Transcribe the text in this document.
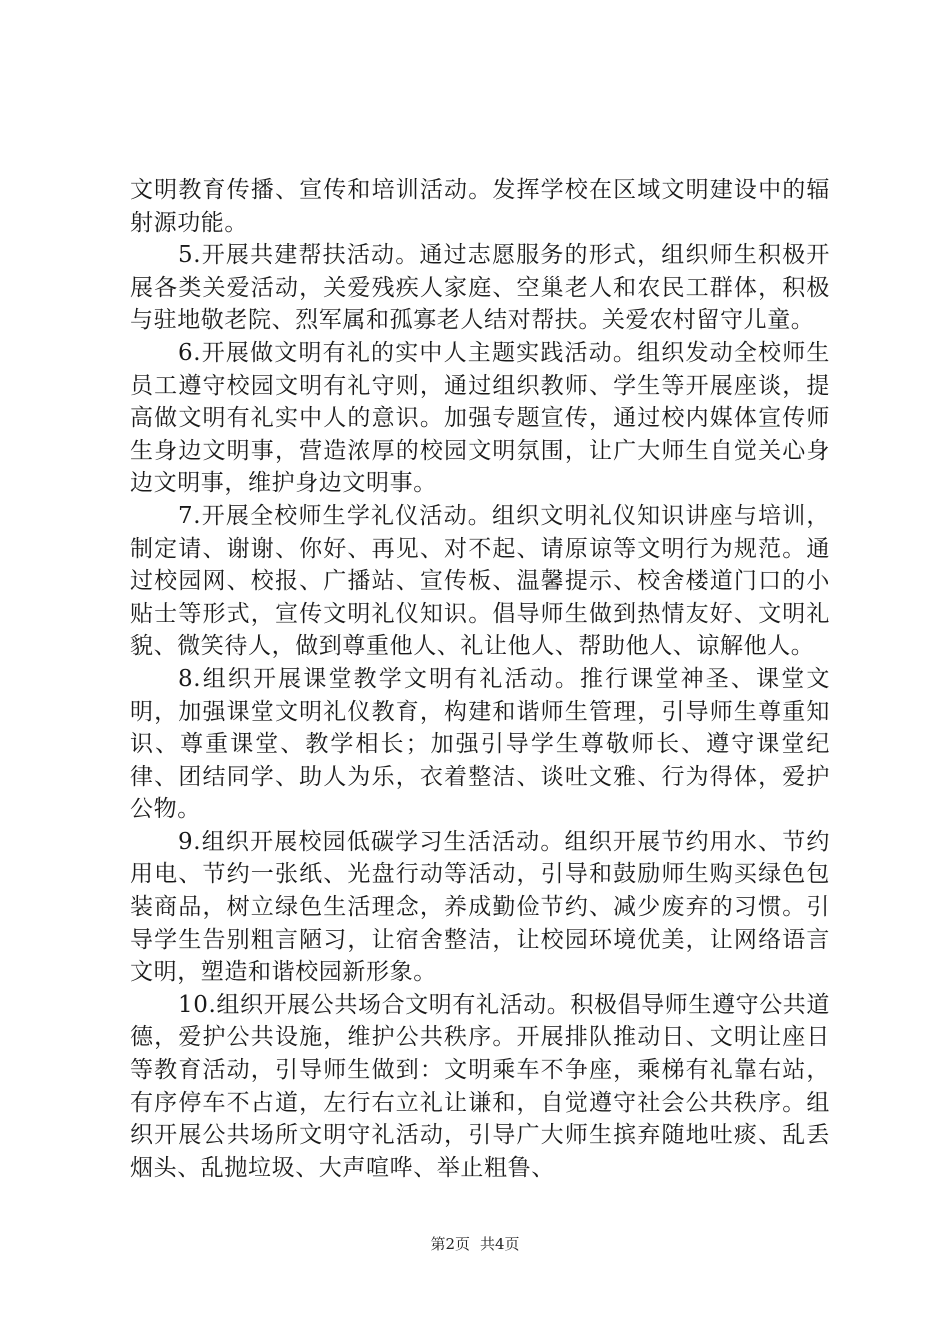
文明教育传播、宣传和培训活动。发挥学校在区域文明建设中的辐射源功能。

5.开展共建帮扶活动。通过志愿服务的形式，组织师生积极开展各类关爱活动，关爱残疾人家庭、空巢老人和农民工群体，积极与驻地敬老院、烈军属和孤寡老人结对帮扶。关爱农村留守儿童。

6.开展做文明有礼的实中人主题实践活动。组织发动全校师生员工遵守校园文明有礼守则，通过组织教师、学生等开展座谈，提高做文明有礼实中人的意识。加强专题宣传，通过校内媒体宣传师生身边文明事，营造浓厚的校园文明氛围，让广大师生自觉关心身边文明事，维护身边文明事。

7.开展全校师生学礼仪活动。组织文明礼仪知识讲座与培训，制定请、谢谢、你好、再见、对不起、请原谅等文明行为规范。通过校园网、校报、广播站、宣传板、温馨提示、校舍楼道门口的小贴士等形式，宣传文明礼仪知识。倡导师生做到热情友好、文明礼貌、微笑待人，做到尊重他人、礼让他人、帮助他人、谅解他人。

8.组织开展课堂教学文明有礼活动。推行课堂神圣、课堂文明，加强课堂文明礼仪教育，构建和谐师生管理，引导师生尊重知识、尊重课堂、教学相长；加强引导学生尊敬师长、遵守课堂纪律、团结同学、助人为乐，衣着整洁、谈吐文雅、行为得体，爱护公物。

9.组织开展校园低碳学习生活活动。组织开展节约用水、节约用电、节约一张纸、光盘行动等活动，引导和鼓励师生购买绿色包装商品，树立绿色生活理念，养成勤俭节约、减少废弃的习惯。引导学生告别粗言陋习，让宿舍整洁，让校园环境优美，让网络语言文明，塑造和谐校园新形象。

10.组织开展公共场合文明有礼活动。积极倡导师生遵守公共道德，爱护公共设施，维护公共秩序。开展排队推动日、文明让座日等教育活动，引导师生做到：文明乘车不争座，乘梯有礼靠右站，有序停车不占道，左行右立礼让谦和，自觉遵守社会公共秩序。组织开展公共场所文明守礼活动，引导广大师生摈弃随地吐痰、乱丢烟头、乱抛垃圾、大声喧哗、举止粗鲁、

第2页 共4页
